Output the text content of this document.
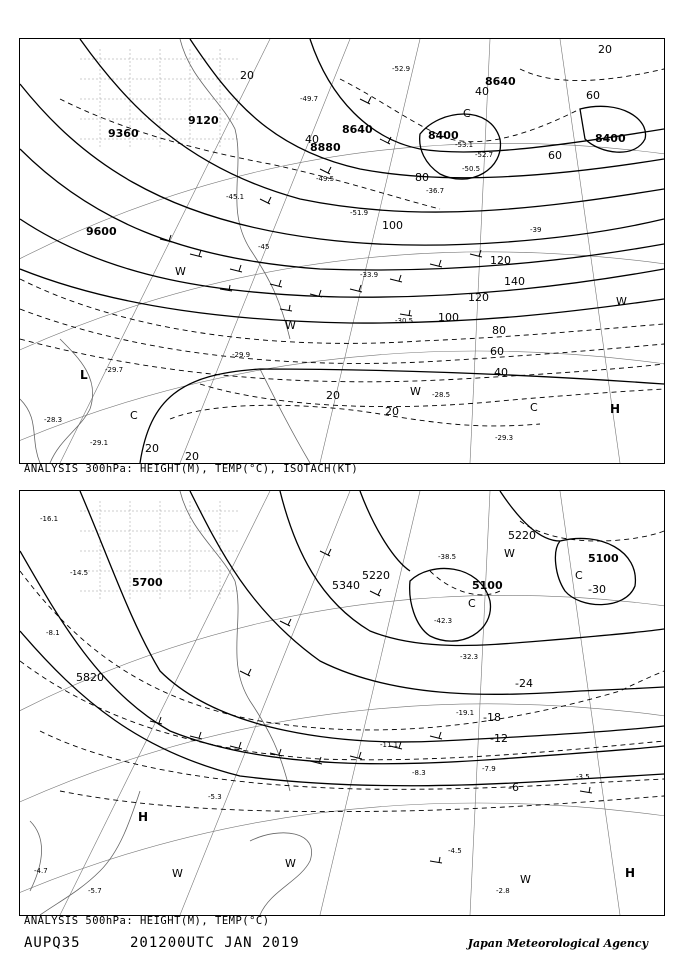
9360
9120
8640
8880
8400
8640
8400
9600
20
40
60
20
40
60
80
100
120
140
120
100
80
60
40
20
20
20
20
-53.1
-50.5
-52.7
-51.9
-49.5
-45
-39
-33.9
-30.5
-29.9
-29.7
-28.5
-28.3
-29.1
-29.3
-49.7
-52.9
-36.7
-45.1
L
C
C	H
W
W
W
W
C
ANALYSIS 300hPa: HEIGHT(M), TEMP(°C), ISOTACH(KT)
5700	5340
5220
5100
5100
5820
5220
-30
-24
-18
-12
-6
-42.3
-38.5
-32.3
-19.1
-8.3
-4.5
-2.8
-16.1
-14.5
-8.1
-7.9
-5.3
-3.5
-5.7
-4.7
-11.1
H
H
C
W
W
W
W
C
ANALYSIS 500hPa: HEIGHT(M), TEMP(°C)
AUPQ35	201200UTC JAN 2019	Japan Meteorological Agency
